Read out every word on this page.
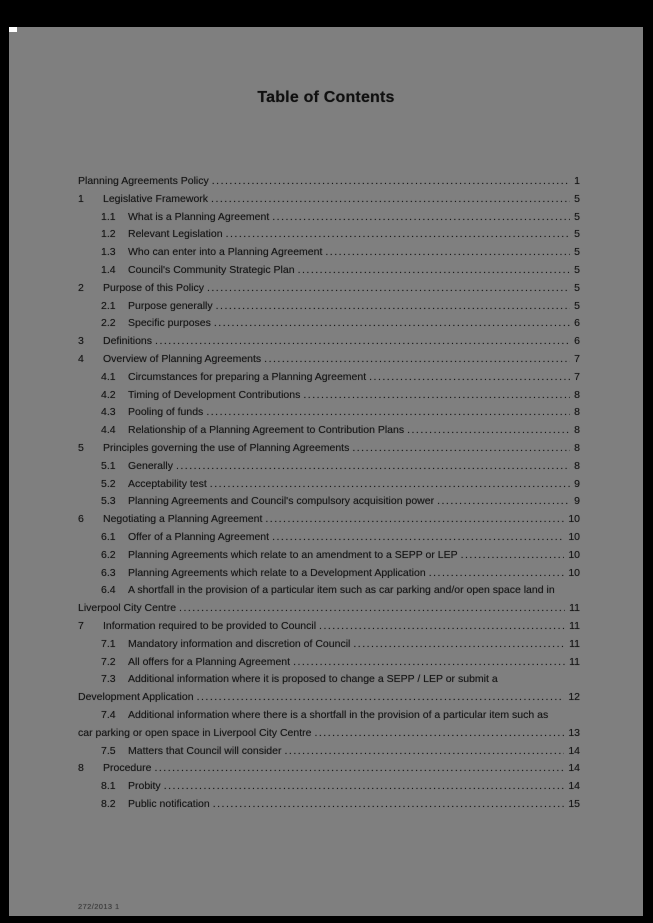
Table of Contents
Planning Agreements Policy .....	1
1	Legislative Framework .....	5
1.1	What is a Planning Agreement .....	5
1.2	Relevant Legislation .....	5
1.3	Who can enter into a Planning Agreement .....	5
1.4	Council's Community Strategic Plan .....	5
2	Purpose of this Policy .....	5
2.1	Purpose generally .....	5
2.2	Specific purposes .....	6
3	Definitions .....	6
4	Overview of Planning Agreements .....	7
4.1	Circumstances for preparing a Planning Agreement .....	7
4.2	Timing of Development Contributions .....	8
4.3	Pooling of funds .....	8
4.4	Relationship of a Planning Agreement to Contribution Plans .....	8
5	Principles governing the use of Planning Agreements .....	8
5.1	Generally .....	8
5.2	Acceptability test .....	9
5.3	Planning Agreements and Council's compulsory acquisition power .....	9
6	Negotiating a Planning Agreement .....	10
6.1	Offer of a Planning Agreement .....	10
6.2	Planning Agreements which relate to an amendment to a SEPP or LEP .....	10
6.3	Planning Agreements which relate to a Development Application .....	10
6.4	A shortfall in the provision of a particular item such as car parking and/or open space land in
Liverpool City Centre .....	11
7	Information required to be provided to Council .....	11
7.1	Mandatory information and discretion of Council .....	11
7.2	All offers for a Planning Agreement .....	11
7.3	Additional information where it is proposed to change a SEPP / LEP or submit a
Development Application .....	12
7.4	Additional information where there is a shortfall in the provision of a particular item such as
car parking or open space in Liverpool City Centre .....	13
7.5	Matters that Council will consider .....	14
8	Procedure .....	14
8.1	Probity .....	14
8.2	Public notification .....	15
272/2013 1
